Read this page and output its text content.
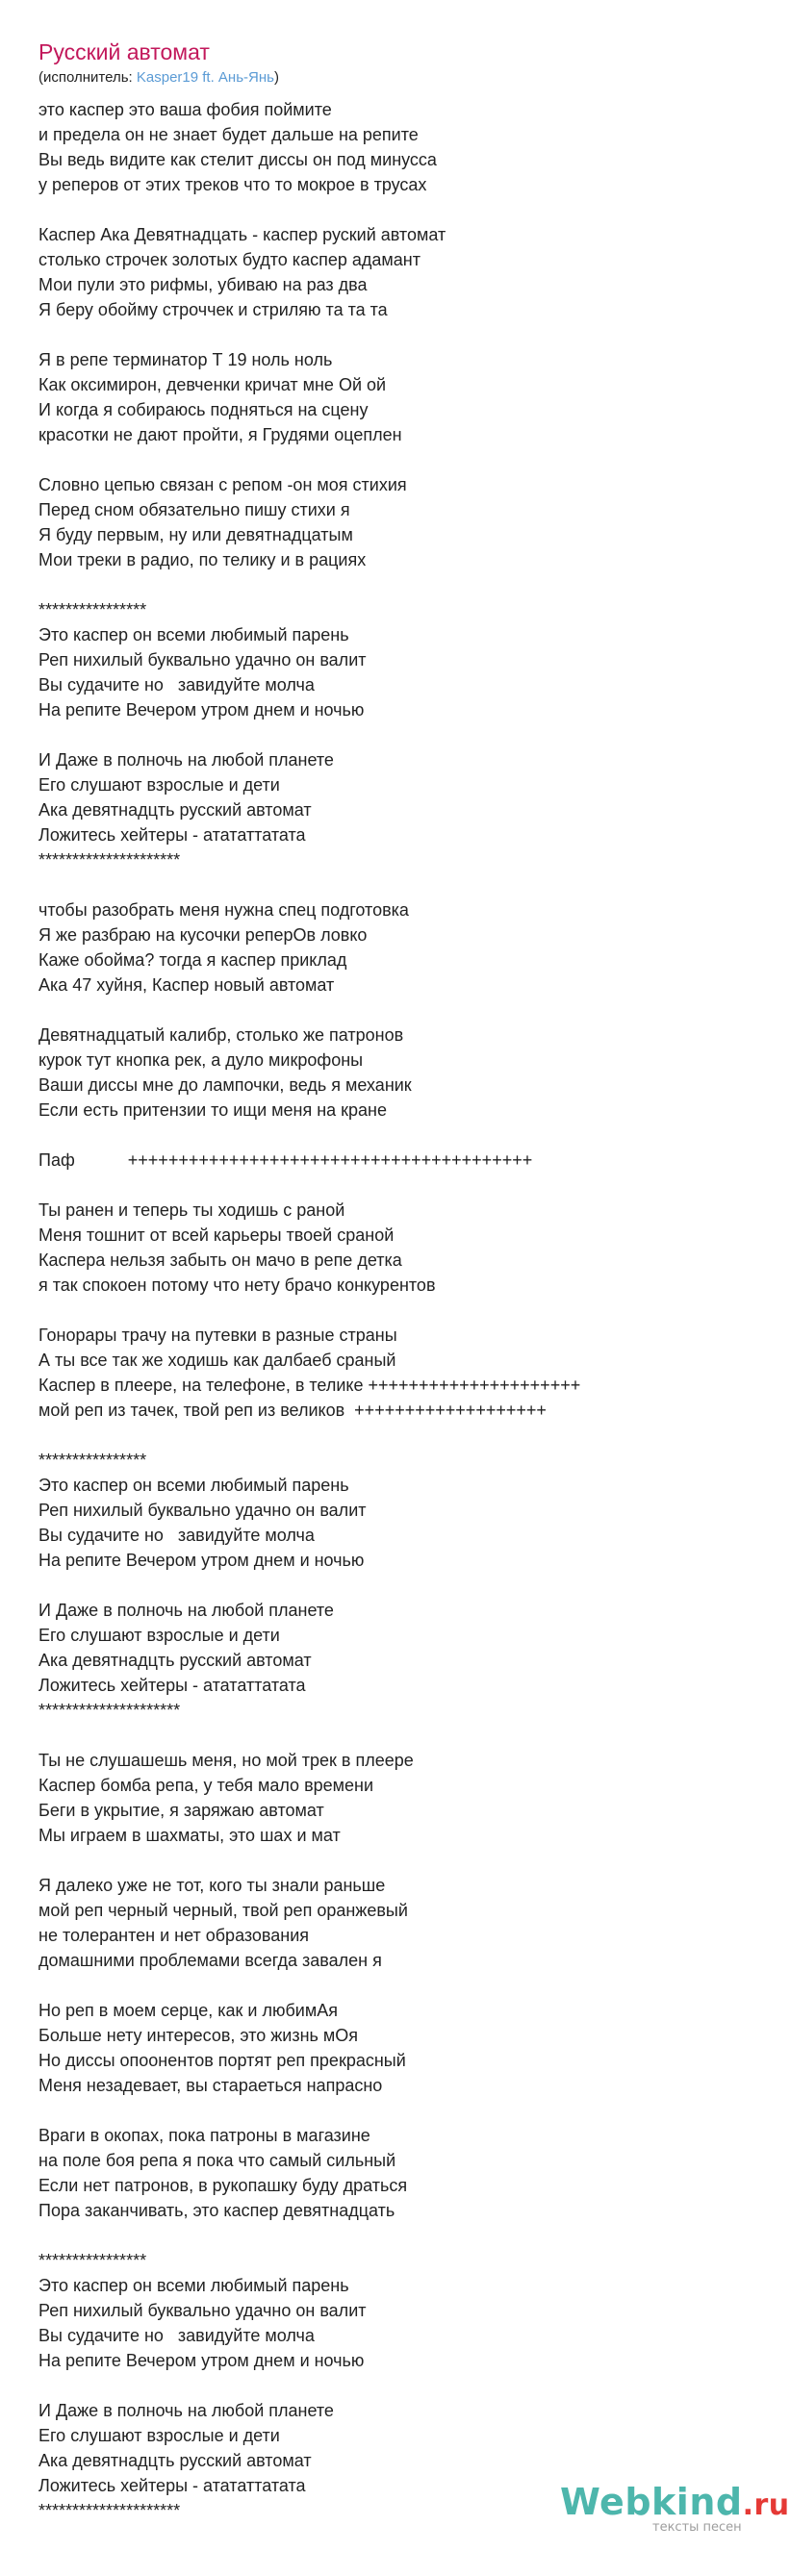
Русский автомат
(исполнитель: Kasper19 ft. Ань-Янь)
это каспер это ваша фобия поймите
и предела он не знает будет дальше на репите
Вы ведь видите как стелит диссы он под минусса
у реперов от этих треков что то мокрое в трусах
Каспер Ака Девятнадцать - каспер руский автомат
столько строчек золотых будто каспер адамант
Мои пули это рифмы, убиваю на раз два
Я беру обойму строччек и стриляю та та та
Я в репе терминатор Т 19 ноль ноль
Как оксимирон, девченки кричат мне Ой ой
И когда я собираюсь подняться на сцену
красотки не дают пройти, я Грудями оцеплен
Словно цепью связан с репом -он моя стихия
Перед сном обязательно пишу стихи я
Я буду первым, ну или девятнадцатым
Мои треки в радио, по телику и в рациях
****************
Это каспер он всеми любимый парень
Реп нихилый буквально удачно он валит
Вы судачите но   завидуйте молча
На репите Вечером утром днем и ночью
И Даже в полночь на любой планете
Его слушают взрослые и дети
Ака девятнадцть русский автомат
Ложитесь хейтеры - атататтатата
*********************
чтобы разобрать меня нужна спец подготовка
Я же разбраю на кусочки реперОв ловко
Каже обойма? тогда я каспер приклад
Ака 47 хуйня, Каспер новый автомат
Девятнадцатый калибр, столько же патронов
курок тут кнопка рек, а дуло микрофоны
Ваши диссы мне до лампочки, ведь я механик
Если есть притензии то ищи меня на кране
Паф           ++++++++++++++++++++++++++++++++++++++++
Ты ранен и теперь ты ходишь с раной
Меня тошнит от всей карьеры твоей сраной
Каспера нельзя забыть он мачо в репе детка
я так спокоен потому что нету брачо конкурентов
Гонорары трачу на путевки в разные страны
А ты все так же ходишь как далбаеб сраный
Каспер в плеере, на телефоне, в телике +++++++++++++++++++++
мой реп из тачек, твой реп из великов  +++++++++++++++++++
****************
Это каспер он всеми любимый парень
Реп нихилый буквально удачно он валит
Вы судачите но   завидуйте молча
На репите Вечером утром днем и ночью
И Даже в полночь на любой планете
Его слушают взрослые и дети
Ака девятнадцть русский автомат
Ложитесь хейтеры - атататтатата
*********************
Ты не слушашешь меня, но мой трек в плеере
Каспер бомба репа, у тебя мало времени
Беги в укрытие, я заряжаю автомат
Мы играем в шахматы, это шах и мат
Я далеко уже не тот, кого ты знали раньше
мой реп черный черный, твой реп оранжевый
не толерантен и нет образования
домашними проблемами всегда завален я
Но реп в моем серце, как и любимАя
Больше нету интересов, это жизнь мОя
Но диссы опоонентов портят реп прекрасный
Меня незадевает, вы стараеться напрасно
Враги в окопах, пока патроны в магазине
на поле боя репа я пока что самый сильный
Если нет патронов, в рукопашку буду драться
Пора заканчивать, это каспер девятнадцать
****************
Это каспер он всеми любимый парень
Реп нихилый буквально удачно он валит
Вы судачите но   завидуйте молча
На репите Вечером утром днем и ночью
И Даже в полночь на любой планете
Его слушают взрослые и дети
Ака девятнадцть русский автомат
Ложитесь хейтеры - атататтатата
*********************	Webkind.ru
тексты песен
